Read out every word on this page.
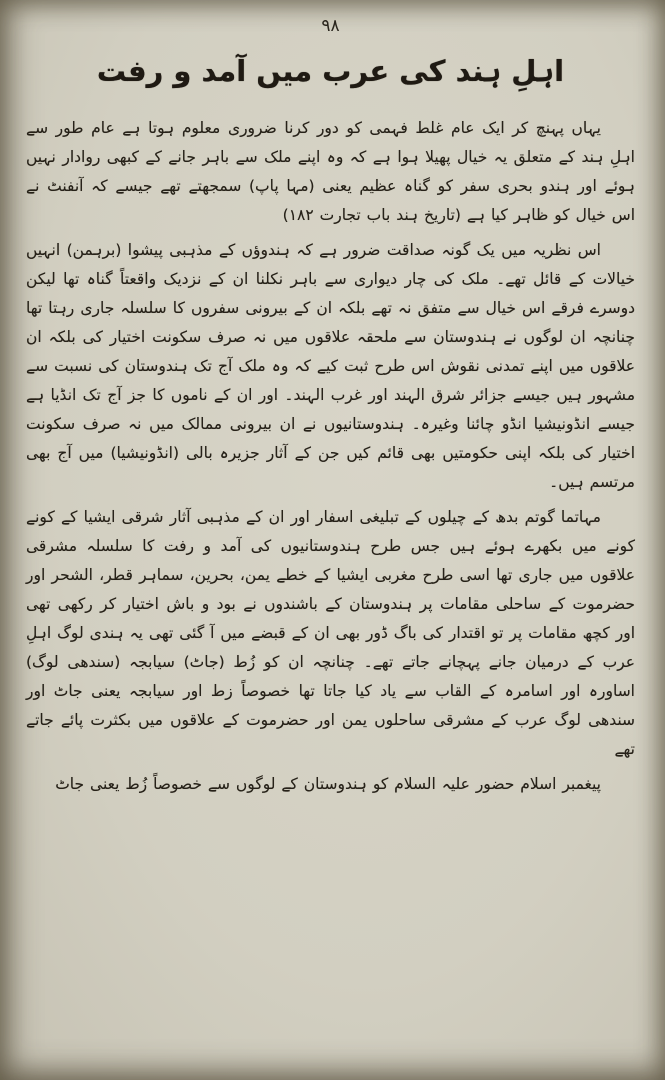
۹۸
اہلِ ہند کی عرب میں آمد و رفت

یہاں پہنچ کر ایک عام غلط فہمی کو دور کرنا ضروری معلوم ہوتا ہے عام طور سے اہلِ ہند کے متعلق یہ خیال پھیلا ہوا ہے کہ وہ اپنے ملک سے باہر جانے کے کبھی روادار نہیں ہوئے اور ہندو بحری سفر کو گناہ عظیم یعنی (مہا پاپ) سمجھتے تھے جیسے کہ آنفنٹ نے اس خیال کو ظاہر کیا ہے (تاریخ ہند باب تجارت ۱۸۲)

اس نظریہ میں یک گونہ صداقت ضرور ہے کہ ہندوؤں کے مذہبی پیشوا (برہمن) انہیں خیالات کے قائل تھے۔ ملک کی چار دیواری سے باہر نکلنا ان کے نزدیک واقعتاً گناہ تھا لیکن دوسرے فرقے اس خیال سے متفق نہ تھے بلکہ ان کے بیرونی سفروں کا سلسلہ جاری رہتا تھا چنانچہ ان لوگوں نے ہندوستان سے ملحقہ علاقوں میں نہ صرف سکونت اختیار کی بلکہ ان علاقوں میں اپنے تمدنی نقوش اس طرح ثبت کیے کہ وہ ملک آج تک ہندوستان کی نسبت سے مشہور ہیں جیسے جزائر شرق الہند اور غرب الہند۔ اور ان کے ناموں کا جز آج تک انڈیا ہے جیسے انڈونیشیا انڈو چائنا وغیرہ۔ ہندوستانیوں نے ان بیرونی ممالک میں نہ صرف سکونت اختیار کی بلکہ اپنی حکومتیں بھی قائم کیں جن کے آثار جزیرہ بالی (انڈونیشیا) میں آج بھی مرتسم ہیں۔

مہاتما گوتم بدھ کے چیلوں کے تبلیغی اسفار اور ان کے مذہبی آثار شرقی ایشیا کے کونے کونے میں بکھرے ہوئے ہیں جس طرح ہندوستانیوں کی آمد و رفت کا سلسلہ مشرقی علاقوں میں جاری تھا اسی طرح مغربی ایشیا کے خطے یمن، بحرین، سماہر قطر، الشحر اور حضرموت کے ساحلی مقامات پر ہندوستان کے باشندوں نے بود و باش اختیار کر رکھی تھی اور کچھ مقامات پر تو اقتدار کی باگ ڈور بھی ان کے قبضے میں آ گئی تھی یہ ہندی لوگ اہلِ عرب کے درمیان جانے پہچانے جاتے تھے۔ چنانچہ ان کو زُط (جاٹ) سیابجہ (سندھی لوگ) اساورہ اور اسامرہ کے القاب سے یاد کیا جاتا تھا خصوصاً زط اور سیابجہ یعنی جاٹ اور سندھی لوگ عرب کے مشرقی ساحلوں یمن اور حضرموت کے علاقوں میں بکثرت پائے جاتے تھے

پیغمبر اسلام حضور علیہ السلام کو ہندوستان کے لوگوں سے خصوصاً زُط یعنی جاٹ
